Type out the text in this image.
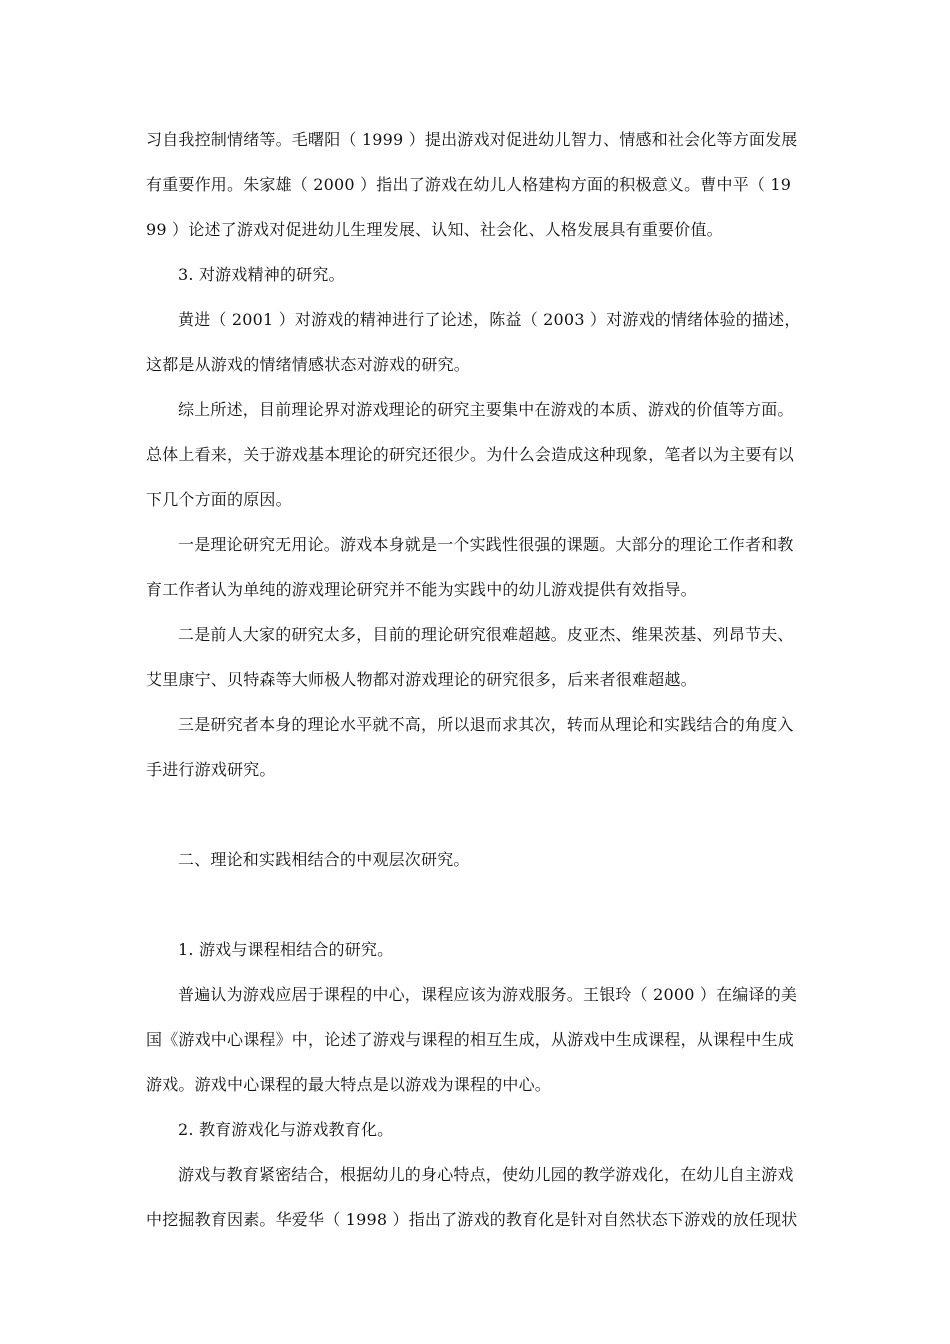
习自我控制情绪等。毛曙阳（ 1999 ）提出游戏对促进幼儿智力、情感和社会化等方面发展
有重要作用。朱家雄（ 2000 ）指出了游戏在幼儿人格建构方面的积极意义。曹中平（ 19
99 ）论述了游戏对促进幼儿生理发展、认知、社会化、人格发展具有重要价值。
3. 对游戏精神的研究。
黄进（ 2001 ）对游戏的精神进行了论述，陈益（ 2003 ）对游戏的情绪体验的描述，
这都是从游戏的情绪情感状态对游戏的研究。
综上所述，目前理论界对游戏理论的研究主要集中在游戏的本质、游戏的价值等方面。
总体上看来，关于游戏基本理论的研究还很少。为什么会造成这种现象，笔者以为主要有以
下几个方面的原因。
一是理论研究无用论。游戏本身就是一个实践性很强的课题。大部分的理论工作者和教
育工作者认为单纯的游戏理论研究并不能为实践中的幼儿游戏提供有效指导。
二是前人大家的研究太多，目前的理论研究很难超越。皮亚杰、维果茨基、列昂节夫、
艾里康宁、贝特森等大师极人物都对游戏理论的研究很多，后来者很难超越。
三是研究者本身的理论水平就不高，所以退而求其次，转而从理论和实践结合的角度入
手进行游戏研究。
二、理论和实践相结合的中观层次研究。
1. 游戏与课程相结合的研究。
普遍认为游戏应居于课程的中心，课程应该为游戏服务。王银玲（ 2000 ）在编译的美
国《游戏中心课程》中，论述了游戏与课程的相互生成，从游戏中生成课程，从课程中生成
游戏。游戏中心课程的最大特点是以游戏为课程的中心。
2. 教育游戏化与游戏教育化。
游戏与教育紧密结合，根据幼儿的身心特点，使幼儿园的教学游戏化，在幼儿自主游戏
中挖掘教育因素。华爱华（ 1998 ）指出了游戏的教育化是针对自然状态下游戏的放任现状
